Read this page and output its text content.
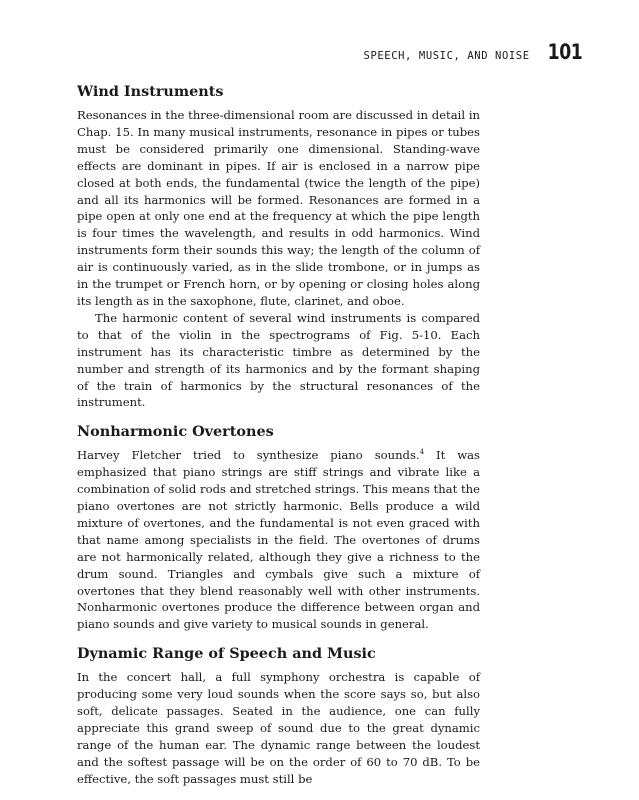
SPEECH, MUSIC, AND NOISE 101
Wind Instruments

Resonances in the three-dimensional room are discussed in detail in Chap. 15. In many musical instruments, resonance in pipes or tubes must be considered primarily one dimensional. Standing-wave effects are dominant in pipes. If air is enclosed in a narrow pipe closed at both ends, the fundamental (twice the length of the pipe) and all its harmonics will be formed. Resonances are formed in a pipe open at only one end at the frequency at which the pipe length is four times the wavelength, and results in odd harmonics. Wind instruments form their sounds this way; the length of the column of air is continuously varied, as in the slide trombone, or in jumps as in the trumpet or French horn, or by opening or closing holes along its length as in the saxophone, flute, clarinet, and oboe.

The harmonic content of several wind instruments is compared to that of the violin in the spectrograms of Fig. 5-10. Each instrument has its characteristic timbre as determined by the number and strength of its harmonics and by the formant shaping of the train of harmonics by the structural resonances of the instrument.

Nonharmonic Overtones

Harvey Fletcher tried to synthesize piano sounds.$^4$ It was emphasized that piano strings are stiff strings and vibrate like a combination of solid rods and stretched strings. This means that the piano overtones are not strictly harmonic. Bells produce a wild mixture of overtones, and the fundamental is not even graced with that name among specialists in the field. The overtones of drums are not harmonically related, although they give a richness to the drum sound. Triangles and cymbals give such a mixture of overtones that they blend reasonably well with other instruments. Nonharmonic overtones produce the difference between organ and piano sounds and give variety to musical sounds in general.

Dynamic Range of Speech and Music

In the concert hall, a full symphony orchestra is capable of producing some very loud sounds when the score says so, but also soft, delicate passages. Seated in the audience, one can fully appreciate this grand sweep of sound due to the great dynamic range of the human ear. The dynamic range between the loudest and the softest passage will be on the order of 60 to 70 dB. To be effective, the soft passages must still be
